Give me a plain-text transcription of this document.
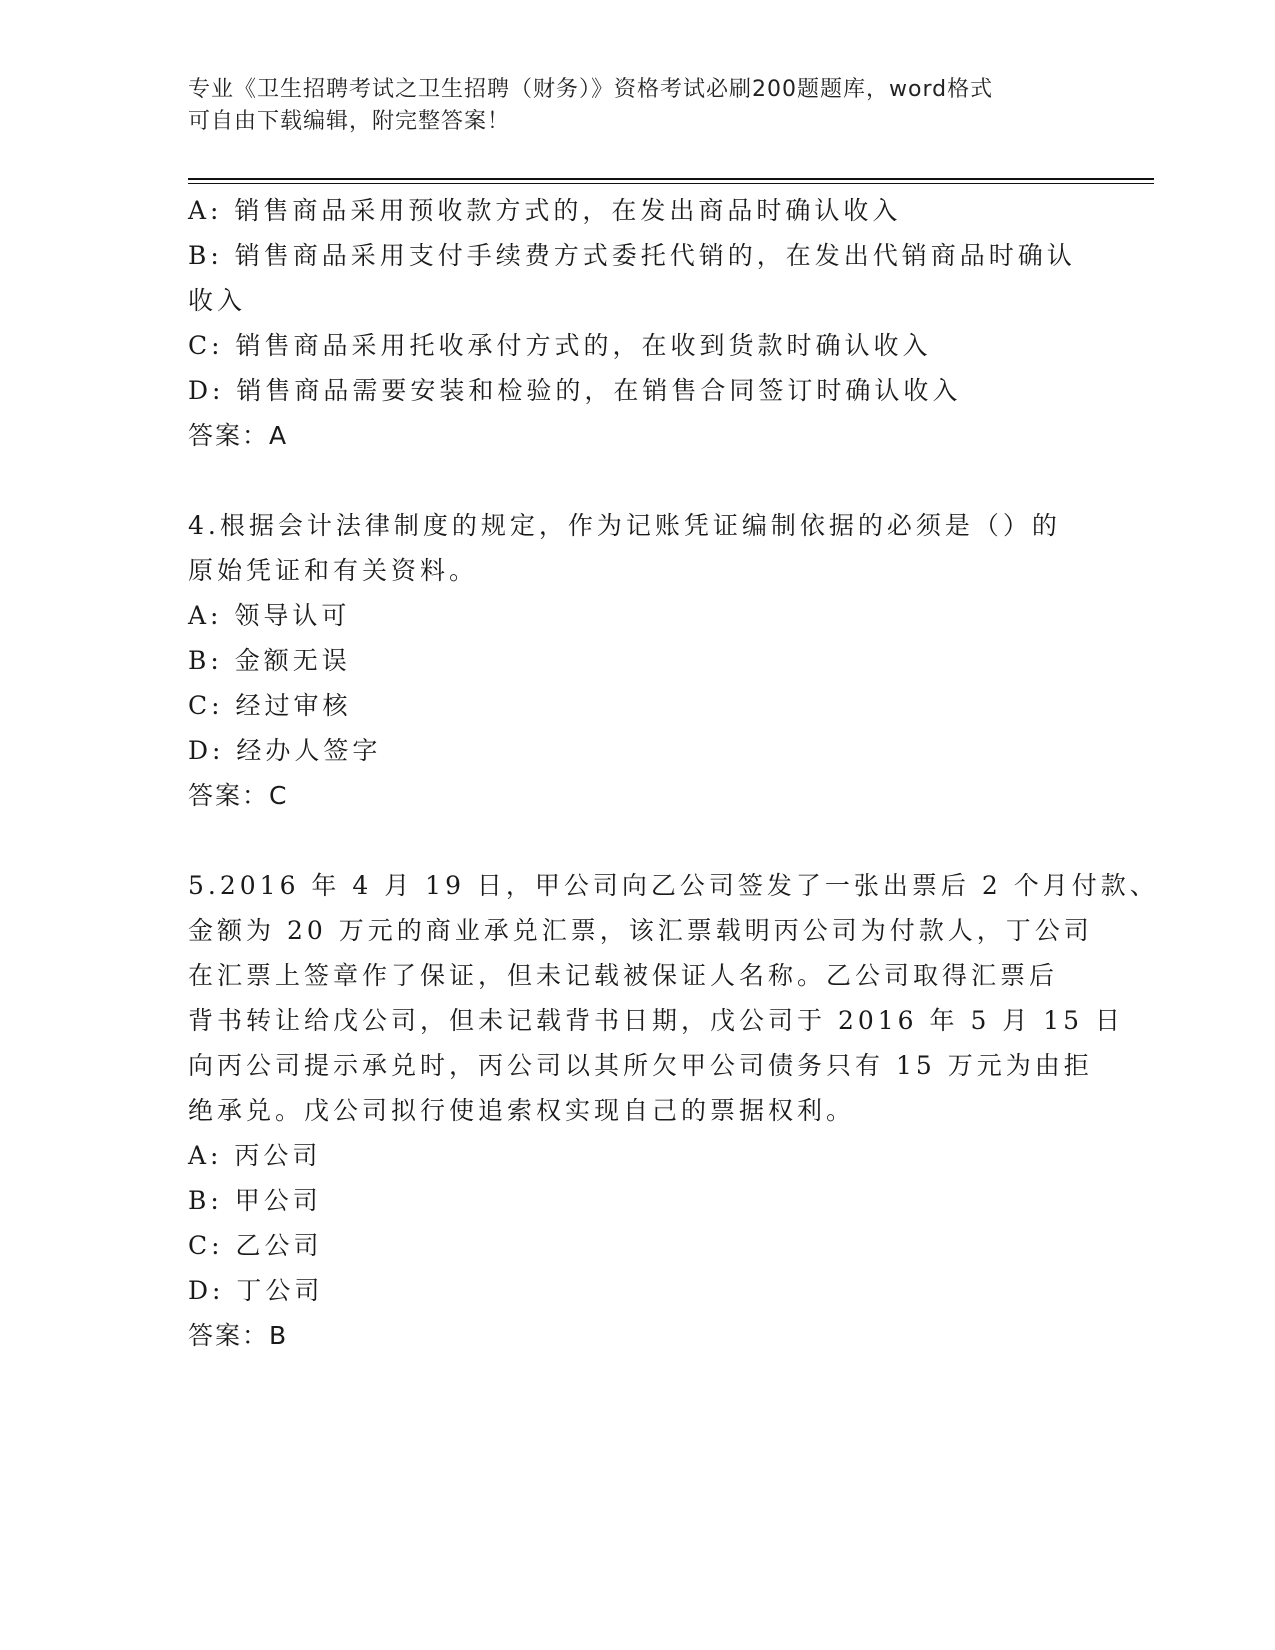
专业《卫生招聘考试之卫生招聘（财务）》资格考试必刷200题题库，word格式
可自由下载编辑，附完整答案！
A: 销售商品采用预收款方式的，在发出商品时确认收入
B: 销售商品采用支付手续费方式委托代销的，在发出代销商品时确认
收入
C: 销售商品采用托收承付方式的，在收到货款时确认收入
D: 销售商品需要安装和检验的，在销售合同签订时确认收入
答案：A
4.根据会计法律制度的规定，作为记账凭证编制依据的必须是（）的
原始凭证和有关资料。
A: 领导认可
B: 金额无误
C: 经过审核
D: 经办人签字
答案：C
5.2016 年 4 月 19 日，甲公司向乙公司签发了一张出票后 2 个月付款、
金额为 20 万元的商业承兑汇票，该汇票载明丙公司为付款人，丁公司
在汇票上签章作了保证，但未记载被保证人名称。乙公司取得汇票后
背书转让给戊公司，但未记载背书日期，戊公司于 2016 年 5 月 15 日
向丙公司提示承兑时，丙公司以其所欠甲公司债务只有 15 万元为由拒
绝承兑。戊公司拟行使追索权实现自己的票据权利。
A: 丙公司
B: 甲公司
C: 乙公司
D: 丁公司
答案：B
